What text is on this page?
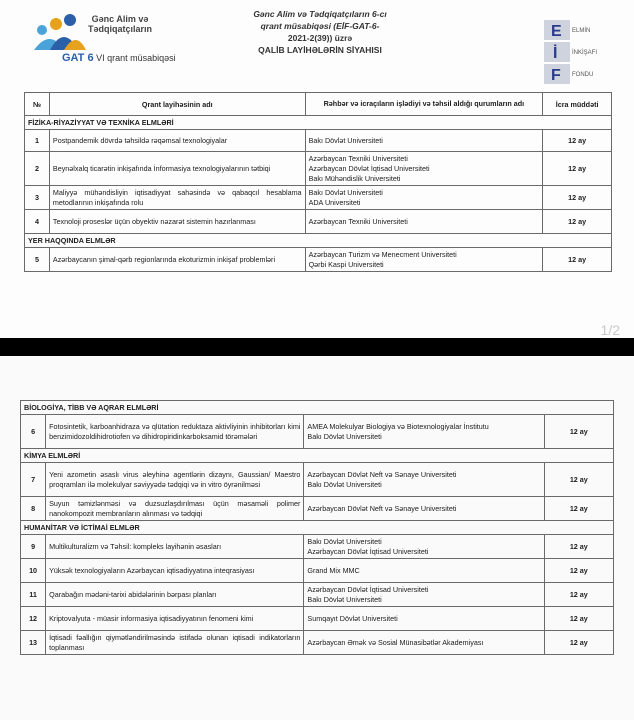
Gənc Alim və Tədqiqatçıların
GAT 6 VI qrant müsabiqəsi
Gənc Alim və Tədqiqatçıların 6-cı
qrant müsabiqəsi (EİF-GAT-6-
2021-2(39)) üzrə
QALİB LAYİHƏLƏRİN SİYAHISI
E
İ
F
ELMİN
İNKİŞAFI
FONDU
№	Qrant layihəsinin adı	Rəhbər və icraçıların işlədiyi və təhsil aldığı qurumların adı	İcra müddəti
FİZİKA-RİYAZİYYAT VƏ TEXNİKA ELMLƏRİ			
1	Postpandemik dövrdə təhsildə rəqəmsal texnologiyalar	Bakı Dövlət Universiteti	12 ay
2	Beynəlxalq ticarətin inkişafında İnformasiya texnologiyalarının tətbiqi	Azərbaycan Texniki Universiteti
Azərbaycan Dövlət İqtisad Universiteti
Bakı Mühəndislik Universiteti	12 ay
3	Maliyyə mühəndisliyin iqtisadiyyat sahəsində və qabaqcıl hesablama metodlarının inkişafında rolu	Bakı Dövlət Universiteti
ADA Universiteti	12 ay
4	Texnoloji proseslər üçün obyektiv nəzarət sistemin hazırlanması	Azərbaycan Texniki Universiteti	12 ay
YER HAQQINDA ELMLƏR			
5	Azərbaycanın şimal-qərb regionlarında ekoturizmin inkişaf problemləri	Azərbaycan Turizm və Menecment Universiteti
Qərbi Kaspi Universiteti	12 ay
1/2
BİOLOGİYA, TİBB VƏ AQRAR ELMLƏRİ			
6	Fotosintetik, karboanhidraza və qlütation reduktaza aktivliyinin inhibitorları kimi benzimidozoldihidrotiofen və dihidropiridinkarboksamid törəmələri	AMEA Molekulyar Biologiya və Biotexnologiyalar İnstitutu
Bakı Dövlət Universiteti	12 ay
KİMYA ELMLƏRİ			
7	Yeni azometin əsaslı virus əleyhinə agentlərin dizaynı, Gaussian/ Maestro proqramları ilə molekulyar səviyyədə tədqiqi və in vitro öyrənilməsi	Azərbaycan Dövlət Neft və Sənaye Universiteti
Bakı Dövlət Universiteti	12 ay
8	Suyun təmizlənməsi və duzsuzlaşdırılması üçün məsaməli polimer nanokompozit membranların alınması və tədqiqi	Azərbaycan Dövlət Neft və Sənaye Universiteti	12 ay
HUMANİTAR VƏ İCTİMAİ ELMLƏR			
9	Multikulturalizm və Təhsil: kompleks layihənin əsasları	Bakı Dövlət Universiteti
Azərbaycan Dövlət İqtisad Universiteti	12 ay
10	Yüksək texnologiyaların Azərbaycan iqtisadiyyatına inteqrasiyası	Grand Mix MMC	12 ay
11	Qarabağın mədəni-tarixi abidələrinin bərpası planları	Azərbaycan Dövlət İqtisad Universiteti
Bakı Dövlət Universiteti	12 ay
12	Kriptovalyuta - müasir informasiya iqtisadiyyatının fenomeni kimi	Sumqayıt Dövlət Universiteti	12 ay
13	İqtisadi fəallığın qiymətləndirilməsində istifadə olunan iqtisadi indikatorların toplanması	Azərbaycan Əmək və Sosial Münasibətlər Akademiyası	12 ay
